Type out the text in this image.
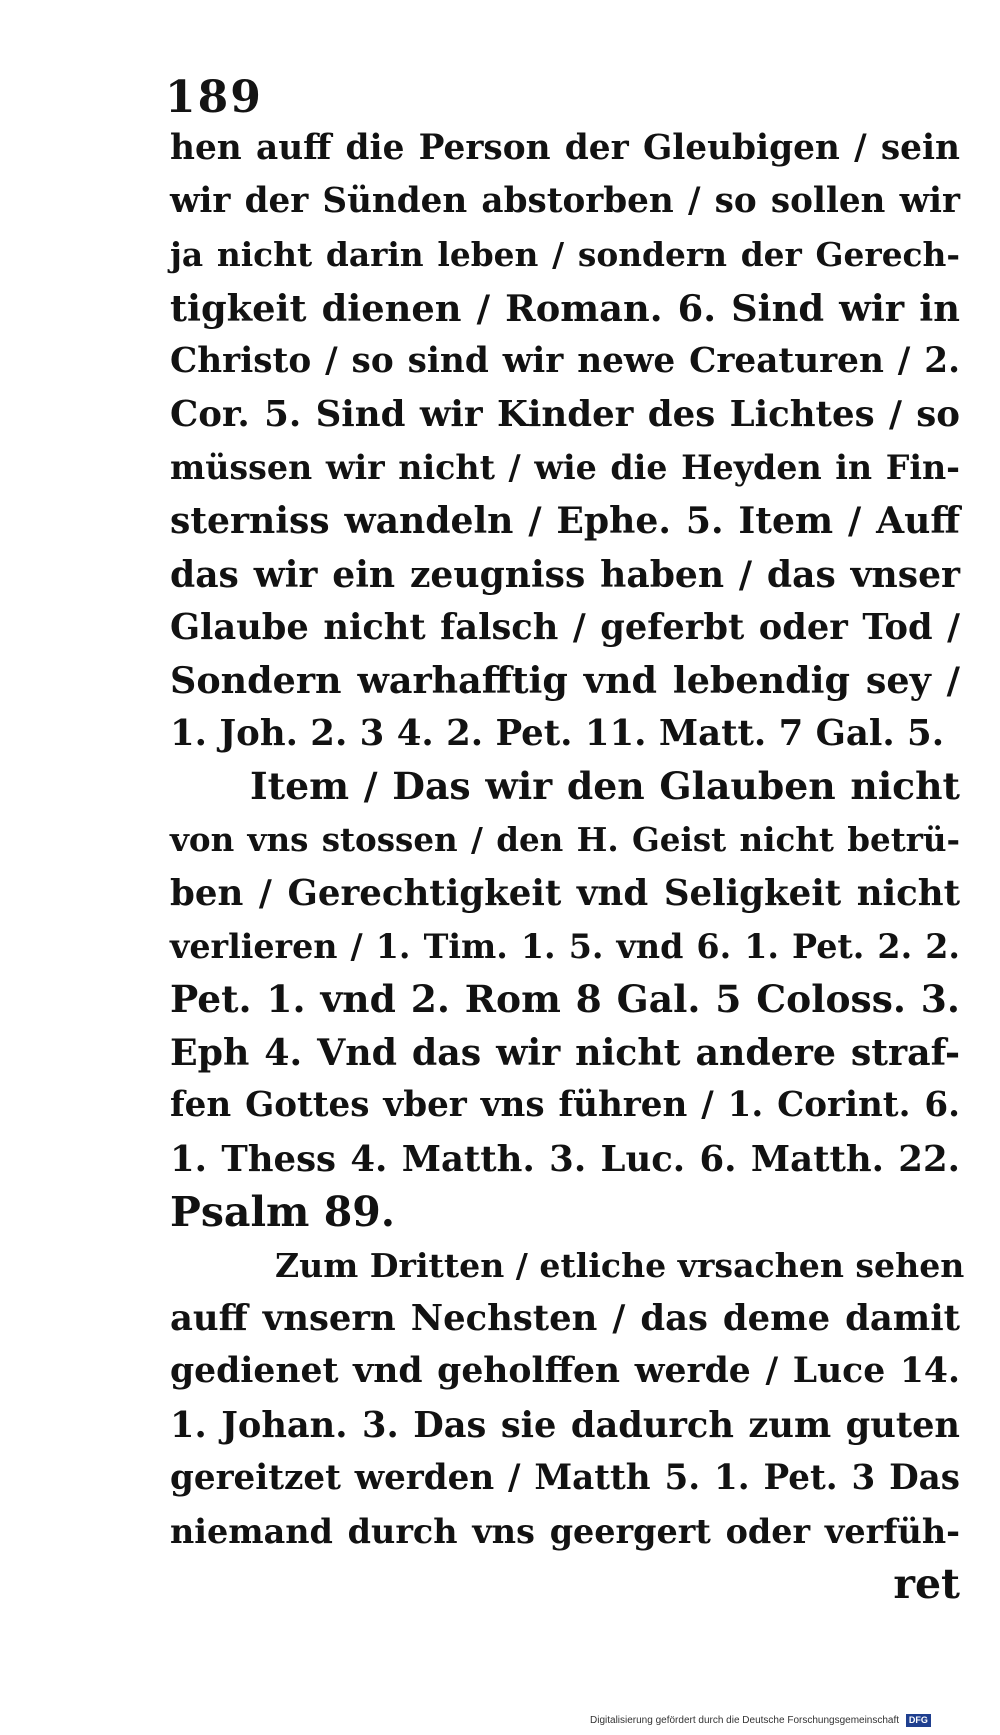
189
hen auff die Person der Gleubigen / sein
wir der Sünden abstorben / so sollen wir
ja nicht darin leben / sondern der Gerech-
tigkeit dienen / Roman. 6. Sind wir in
Christo / so sind wir newe Creaturen / 2.
Cor. 5. Sind wir Kinder des Lichtes / so
müssen wir nicht / wie die Heyden in Fin-
sterniss wandeln / Ephe. 5. Item / Auff
das wir ein zeugniss haben / das vnser
Glaube nicht falsch / geferbt oder Tod /
Sondern warhafftig vnd lebendig sey /
1. Joh. 2. 3 4. 2. Pet. 11. Matt. 7 Gal. 5.
Item / Das wir den Glauben nicht
von vns stossen / den H. Geist nicht betrü-
ben / Gerechtigkeit vnd Seligkeit nicht
verlieren / 1. Tim. 1. 5. vnd 6. 1. Pet. 2. 2.
Pet. 1. vnd 2. Rom 8 Gal. 5 Coloss. 3.
Eph 4. Vnd das wir nicht andere straf-
fen Gottes vber vns führen / 1. Corint. 6.
1. Thess 4. Matth. 3. Luc. 6. Matth. 22.
Psalm 89.
Zum Dritten / etliche vrsachen sehen
auff vnsern Nechsten / das deme damit
gedienet vnd geholffen werde / Luce 14.
1. Johan. 3. Das sie dadurch zum guten
gereitzet werden / Matth 5. 1. Pet. 3 Das
niemand durch vns geergert oder verfüh-
ret
Digitalisierung gefördert durch die Deutsche Forschungsgemeinschaft DFG
